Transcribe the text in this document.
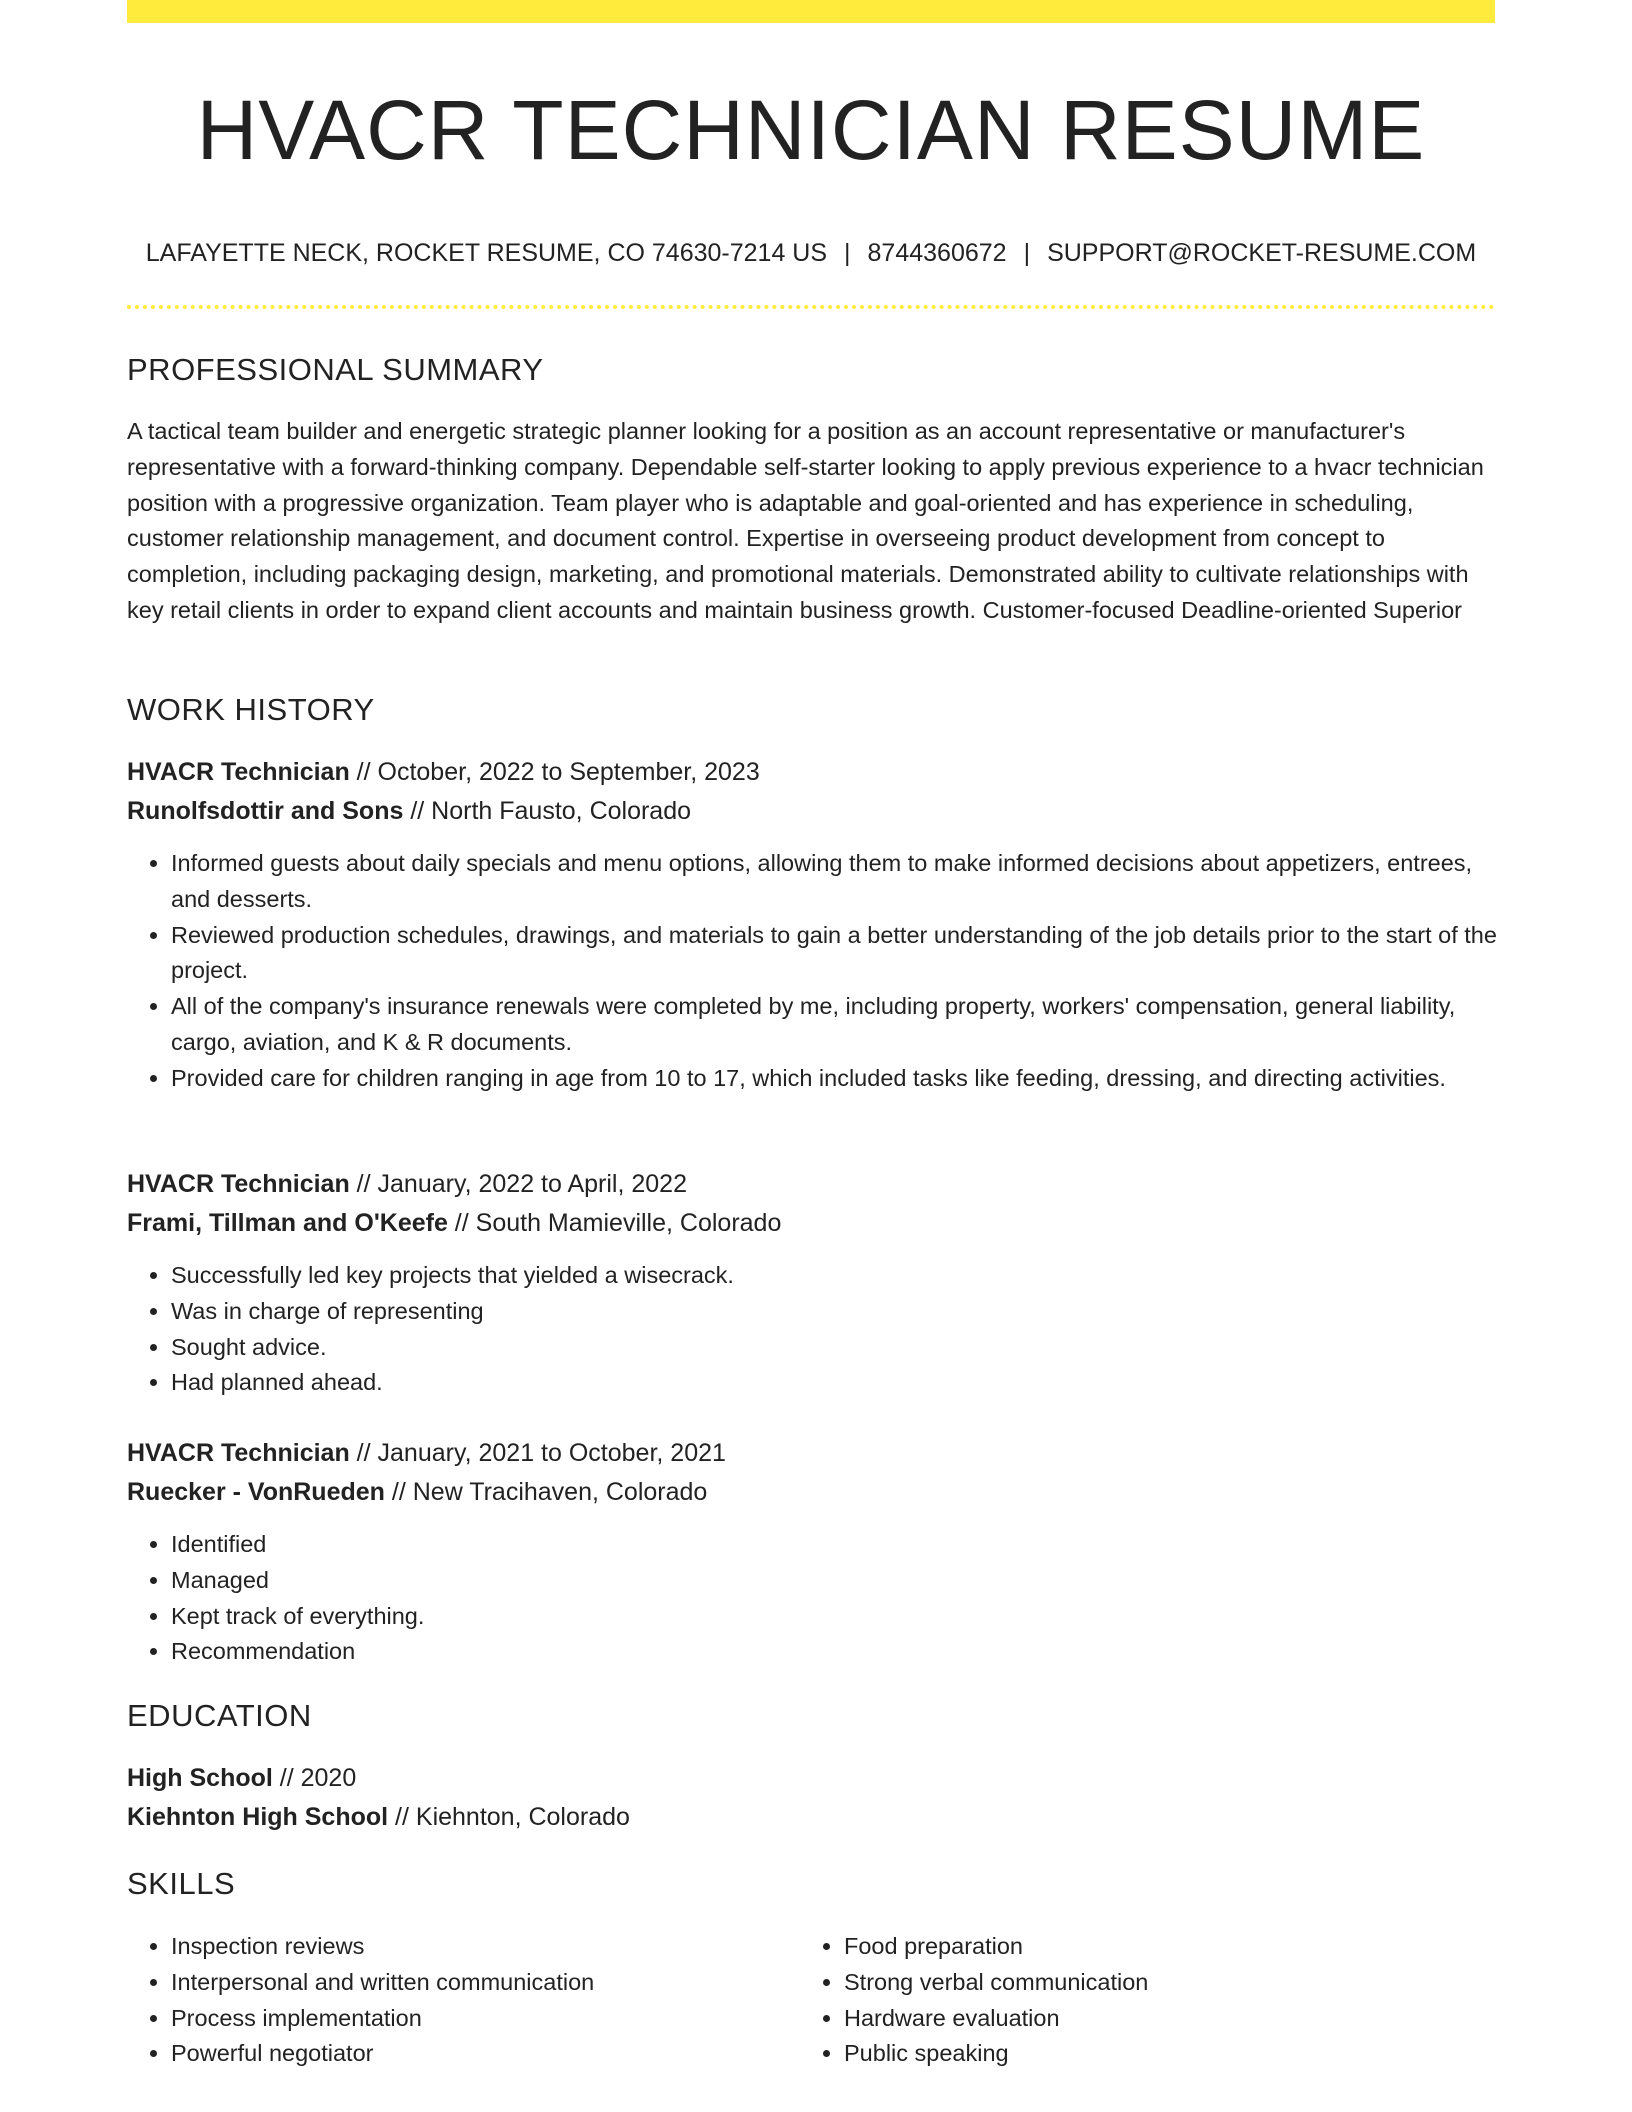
HVACR TECHNICIAN RESUME
LAFAYETTE NECK, ROCKET RESUME, CO 74630-7214 US | 8744360672 | SUPPORT@ROCKET-RESUME.COM
PROFESSIONAL SUMMARY

A tactical team builder and energetic strategic planner looking for a position as an account representative or manufacturer's representative with a forward-thinking company. Dependable self-starter looking to apply previous experience to a hvacr technician position with a progressive organization. Team player who is adaptable and goal-oriented and has experience in scheduling, customer relationship management, and document control. Expertise in overseeing product development from concept to completion, including packaging design, marketing, and promotional materials. Demonstrated ability to cultivate relationships with key retail clients in order to expand client accounts and maintain business growth. Customer-focused Deadline-oriented Superior

WORK HISTORY
HVACR Technician // October, 2022 to September, 2023
Runolfsdottir and Sons // North Fausto, Colorado
• Informed guests about daily specials and menu options, allowing them to make informed decisions about appetizers, entrees, and desserts.
• Reviewed production schedules, drawings, and materials to gain a better understanding of the job details prior to the start of the project.
• All of the company's insurance renewals were completed by me, including property, workers' compensation, general liability, cargo, aviation, and K & R documents.
• Provided care for children ranging in age from 10 to 17, which included tasks like feeding, dressing, and directing activities.
HVACR Technician // January, 2022 to April, 2022
Frami, Tillman and O'Keefe // South Mamieville, Colorado
• Successfully led key projects that yielded a wisecrack.
• Was in charge of representing
• Sought advice.
• Had planned ahead.
HVACR Technician // January, 2021 to October, 2021
Ruecker - VonRueden // New Tracihaven, Colorado
• Identified
• Managed
• Kept track of everything.
• Recommendation
EDUCATION
High School // 2020
Kiehnton High School // Kiehnton, Colorado
SKILLS
• Inspection reviews
• Interpersonal and written communication
• Process implementation
• Powerful negotiator
• Food preparation
• Strong verbal communication
• Hardware evaluation
• Public speaking
